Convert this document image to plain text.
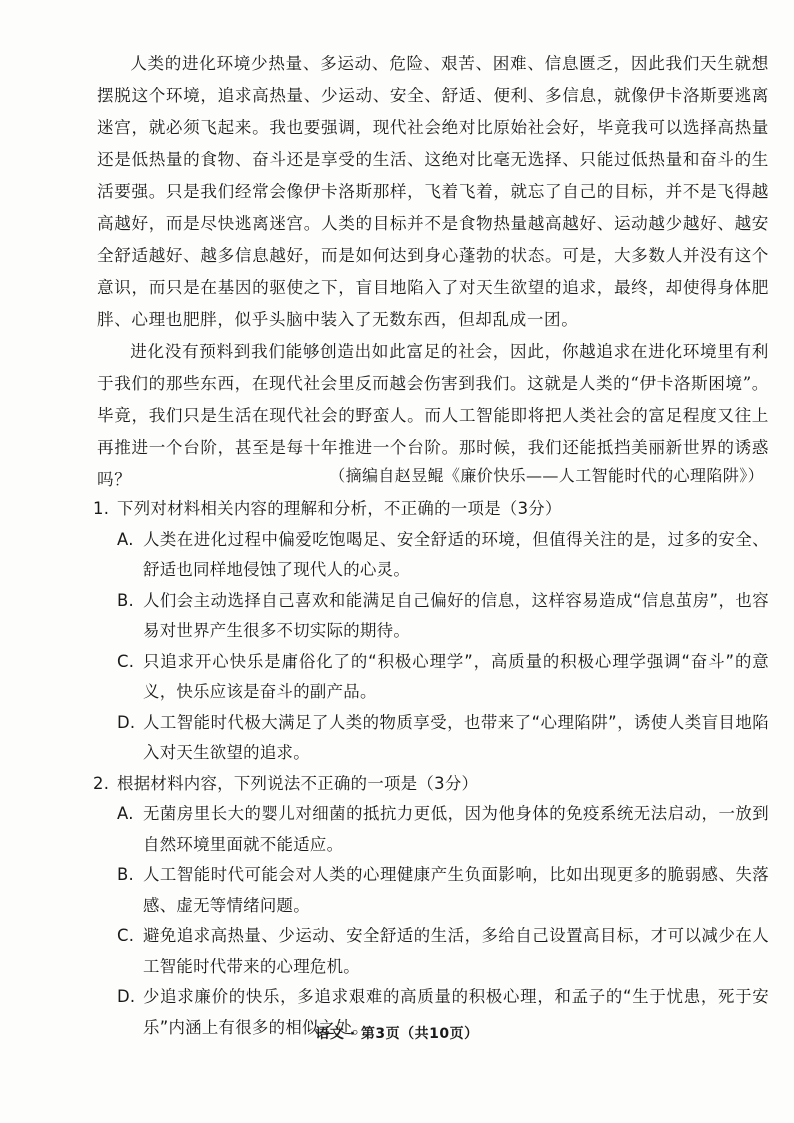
人类的进化环境少热量、多运动、危险、艰苦、困难、信息匮乏，因此我们天生就想摆脱这个环境，追求高热量、少运动、安全、舒适、便利、多信息，就像伊卡洛斯要逃离迷宫，就必须飞起来。我也要强调，现代社会绝对比原始社会好，毕竟我可以选择高热量还是低热量的食物、奋斗还是享受的生活、这绝对比毫无选择、只能过低热量和奋斗的生活要强。只是我们经常会像伊卡洛斯那样，飞着飞着，就忘了自己的目标，并不是飞得越高越好，而是尽快逃离迷宫。人类的目标并不是食物热量越高越好、运动越少越好、越安全舒适越好、越多信息越好，而是如何达到身心蓬勃的状态。可是，大多数人并没有这个意识，而只是在基因的驱使之下，盲目地陷入了对天生欲望的追求，最终，却使得身体肥胖、心理也肥胖，似乎头脑中装入了无数东西，但却乱成一团。

进化没有预料到我们能够创造出如此富足的社会，因此，你越追求在进化环境里有利于我们的那些东西，在现代社会里反而越会伤害到我们。这就是人类的“伊卡洛斯困境”。毕竟，我们只是生活在现代社会的野蛮人。而人工智能即将把人类社会的富足程度又往上再推进一个台阶，甚至是每十年推进一个台阶。那时候，我们还能抵挡美丽新世界的诱惑吗？	（摘编自赵昱鲲《廉价快乐——人工智能时代的心理陷阱》）
1. 下列对材料相关内容的理解和分析，不正确的一项是（3分）
A. 人类在进化过程中偏爱吃饱喝足、安全舒适的环境，但值得关注的是，过多的安全、舒适也同样地侵蚀了现代人的心灵。
B. 人们会主动选择自己喜欢和能满足自己偏好的信息，这样容易造成“信息茧房”，也容易对世界产生很多不切实际的期待。
C. 只追求开心快乐是庸俗化了的“积极心理学”，高质量的积极心理学强调“奋斗”的意义，快乐应该是奋斗的副产品。
D. 人工智能时代极大满足了人类的物质享受，也带来了“心理陷阱”，诱使人类盲目地陷入对天生欲望的追求。
2. 根据材料内容，下列说法不正确的一项是（3分）
A. 无菌房里长大的婴儿对细菌的抵抗力更低，因为他身体的免疫系统无法启动，一放到自然环境里面就不能适应。
B. 人工智能时代可能会对人类的心理健康产生负面影响，比如出现更多的脆弱感、失落感、虚无等情绪问题。
C. 避免追求高热量、少运动、安全舒适的生活，多给自己设置高目标，才可以减少在人工智能时代带来的心理危机。
D. 少追求廉价的快乐，多追求艰难的高质量的积极心理，和孟子的“生于忧患，死于安乐”内涵上有很多的相似之处。
语文 · 第3页（共10页）
